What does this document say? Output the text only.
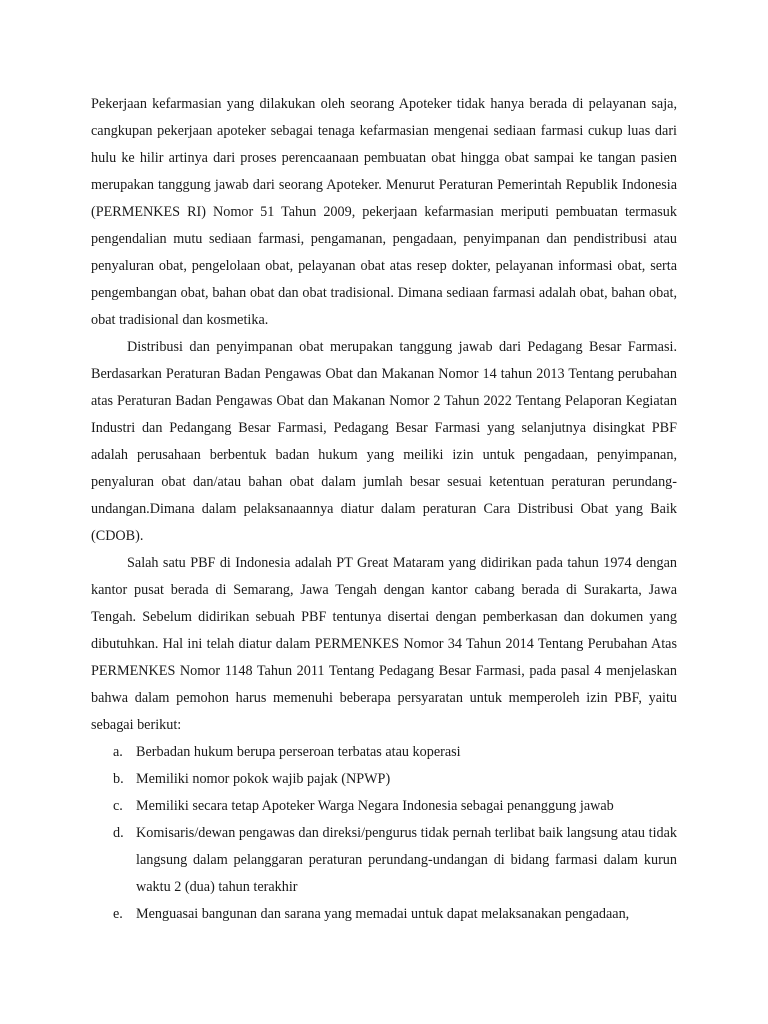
Pekerjaan kefarmasian yang dilakukan oleh seorang Apoteker tidak hanya berada di pelayanan saja, cangkupan pekerjaan apoteker sebagai tenaga kefarmasian mengenai sediaan farmasi cukup luas dari hulu ke hilir artinya dari proses perencaanaan pembuatan obat hingga obat sampai ke tangan pasien merupakan tanggung jawab dari seorang Apoteker. Menurut Peraturan Pemerintah Republik Indonesia (PERMENKES RI) Nomor 51 Tahun 2009, pekerjaan kefarmasian meriputi pembuatan termasuk pengendalian mutu sediaan farmasi, pengamanan, pengadaan, penyimpanan dan pendistribusi atau penyaluran obat, pengelolaan obat, pelayanan obat atas resep dokter, pelayanan informasi obat, serta pengembangan obat, bahan obat dan obat tradisional. Dimana sediaan farmasi adalah obat, bahan obat, obat tradisional dan kosmetika.

Distribusi dan penyimpanan obat merupakan tanggung jawab dari Pedagang Besar Farmasi. Berdasarkan Peraturan Badan Pengawas Obat dan Makanan Nomor 14 tahun 2013 Tentang perubahan atas Peraturan Badan Pengawas Obat dan Makanan Nomor 2 Tahun 2022 Tentang Pelaporan Kegiatan Industri dan Pedangang Besar Farmasi, Pedagang Besar Farmasi yang selanjutnya disingkat PBF adalah perusahaan berbentuk badan hukum yang meiliki izin untuk pengadaan, penyimpanan, penyaluran obat dan/atau bahan obat dalam jumlah besar sesuai ketentuan peraturan perundang-undangan.Dimana dalam pelaksanaannya diatur dalam peraturan Cara Distribusi Obat yang Baik (CDOB).

Salah satu PBF di Indonesia adalah PT Great Mataram yang didirikan pada tahun 1974 dengan kantor pusat berada di Semarang, Jawa Tengah dengan kantor cabang berada di Surakarta, Jawa Tengah. Sebelum didirikan sebuah PBF tentunya disertai dengan pemberkasan dan dokumen yang dibutuhkan. Hal ini telah diatur dalam PERMENKES Nomor 34 Tahun 2014 Tentang Perubahan Atas PERMENKES Nomor 1148 Tahun 2011 Tentang Pedagang Besar Farmasi, pada pasal 4 menjelaskan bahwa dalam pemohon harus memenuhi beberapa persyaratan untuk memperoleh izin PBF, yaitu sebagai berikut:

a. Berbadan hukum berupa perseroan terbatas atau koperasi
b. Memiliki nomor pokok wajib pajak (NPWP)
c. Memiliki secara tetap Apoteker Warga Negara Indonesia sebagai penanggung jawab
d. Komisaris/dewan pengawas dan direksi/pengurus tidak pernah terlibat baik langsung atau tidak langsung dalam pelanggaran peraturan perundang-undangan di bidang farmasi dalam kurun waktu 2 (dua) tahun terakhir
e. Menguasai bangunan dan sarana yang memadai untuk dapat melaksanakan pengadaan,
